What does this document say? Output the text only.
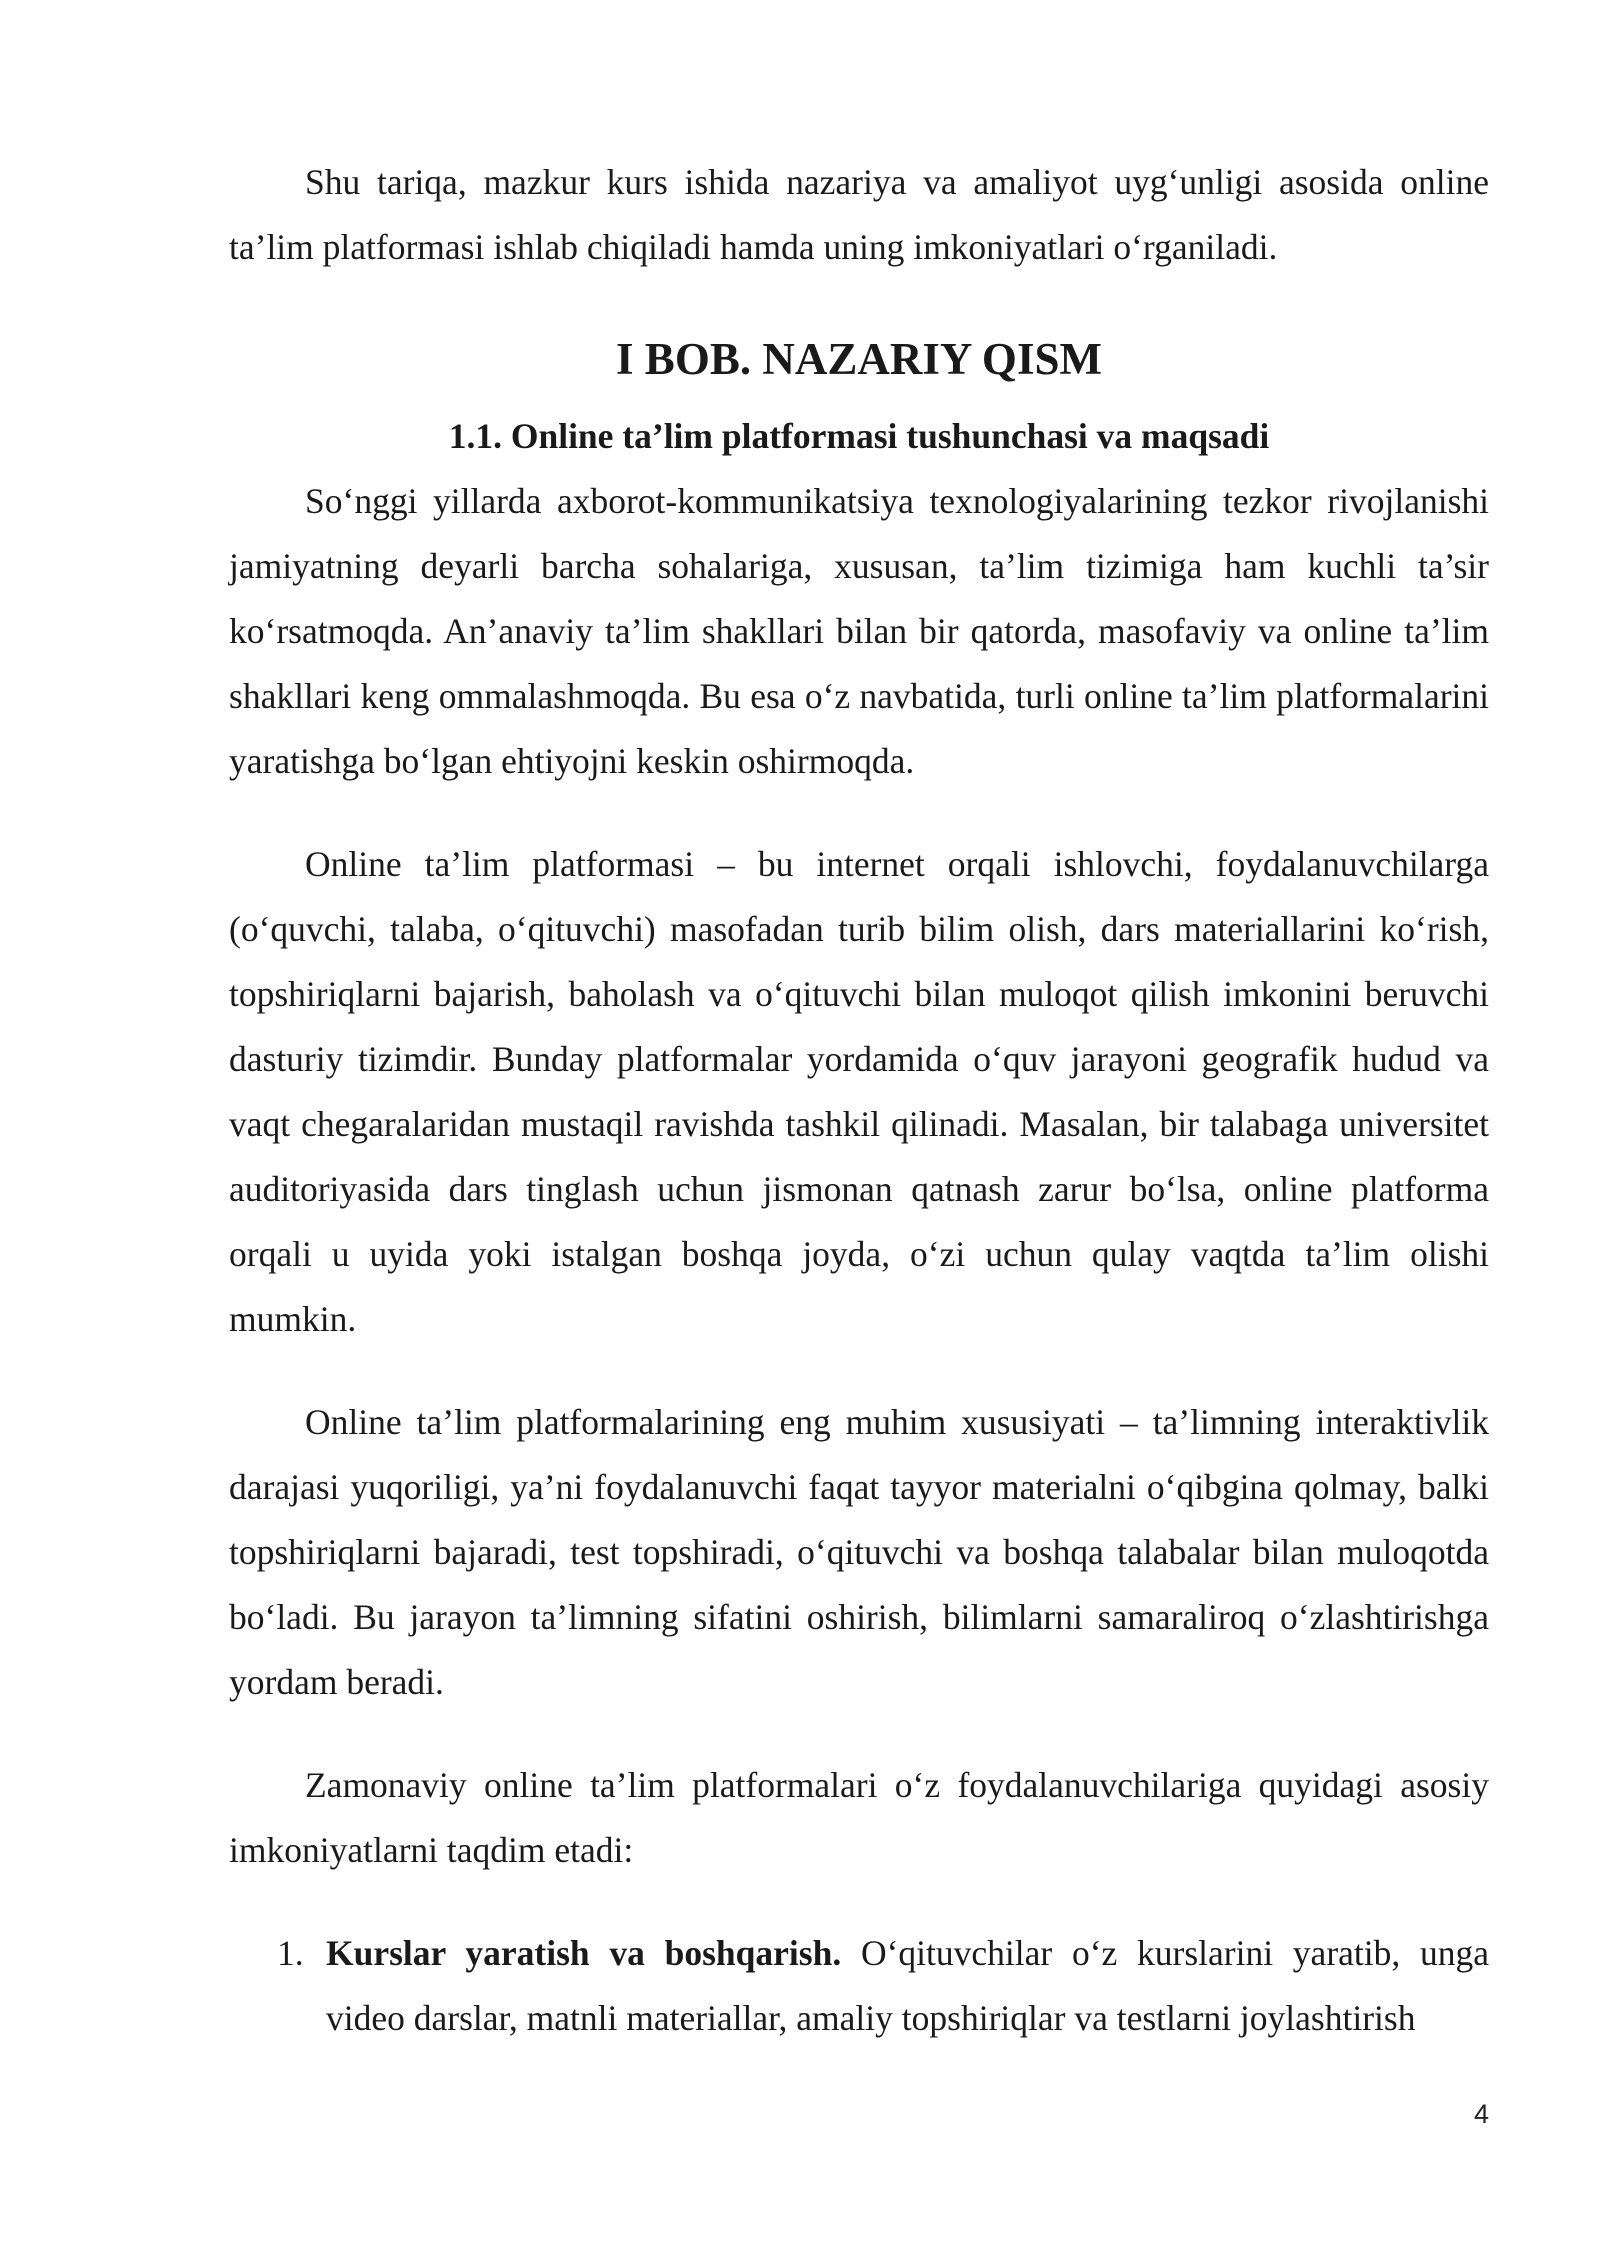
Shu tariqa, mazkur kurs ishida nazariya va amaliyot uyg‘unligi asosida online ta’lim platformasi ishlab chiqiladi hamda uning imkoniyatlari o‘rganiladi.

I BOB. NAZARIY QISM
1.1. Online ta’lim platformasi tushunchasi va maqsadi

So‘nggi yillarda axborot-kommunikatsiya texnologiyalarining tezkor rivojlanishi jamiyatning deyarli barcha sohalariga, xususan, ta’lim tizimiga ham kuchli ta’sir ko‘rsatmoqda. An’anaviy ta’lim shakllari bilan bir qatorda, masofaviy va online ta’lim shakllari keng ommalashmoqda. Bu esa o‘z navbatida, turli online ta’lim platformalarini yaratishga bo‘lgan ehtiyojni keskin oshirmoqda.

Online ta’lim platformasi – bu internet orqali ishlovchi, foydalanuvchilarga (o‘quvchi, talaba, o‘qituvchi) masofadan turib bilim olish, dars materiallarini ko‘rish, topshiriqlarni bajarish, baholash va o‘qituvchi bilan muloqot qilish imkonini beruvchi dasturiy tizimdir. Bunday platformalar yordamida o‘quv jarayoni geografik hudud va vaqt chegaralaridan mustaqil ravishda tashkil qilinadi. Masalan, bir talabaga universitet auditoriyasida dars tinglash uchun jismonan qatnash zarur bo‘lsa, online platforma orqali u uyida yoki istalgan boshqa joyda, o‘zi uchun qulay vaqtda ta’lim olishi mumkin.

Online ta’lim platformalarining eng muhim xususiyati – ta’limning interaktivlik darajasi yuqoriligi, ya’ni foydalanuvchi faqat tayyor materialni o‘qibgina qolmay, balki topshiriqlarni bajaradi, test topshiradi, o‘qituvchi va boshqa talabalar bilan muloqotda bo‘ladi. Bu jarayon ta’limning sifatini oshirish, bilimlarni samaraliroq o‘zlashtirishga yordam beradi.

Zamonaviy online ta’lim platformalari o‘z foydalanuvchilariga quyidagi asosiy imkoniyatlarni taqdim etadi:

1. Kurslar yaratish va boshqarish. O‘qituvchilar o‘z kurslarini yaratib, unga video darslar, matnli materiallar, amaliy topshiriqlar va testlarni joylashtirish
4
